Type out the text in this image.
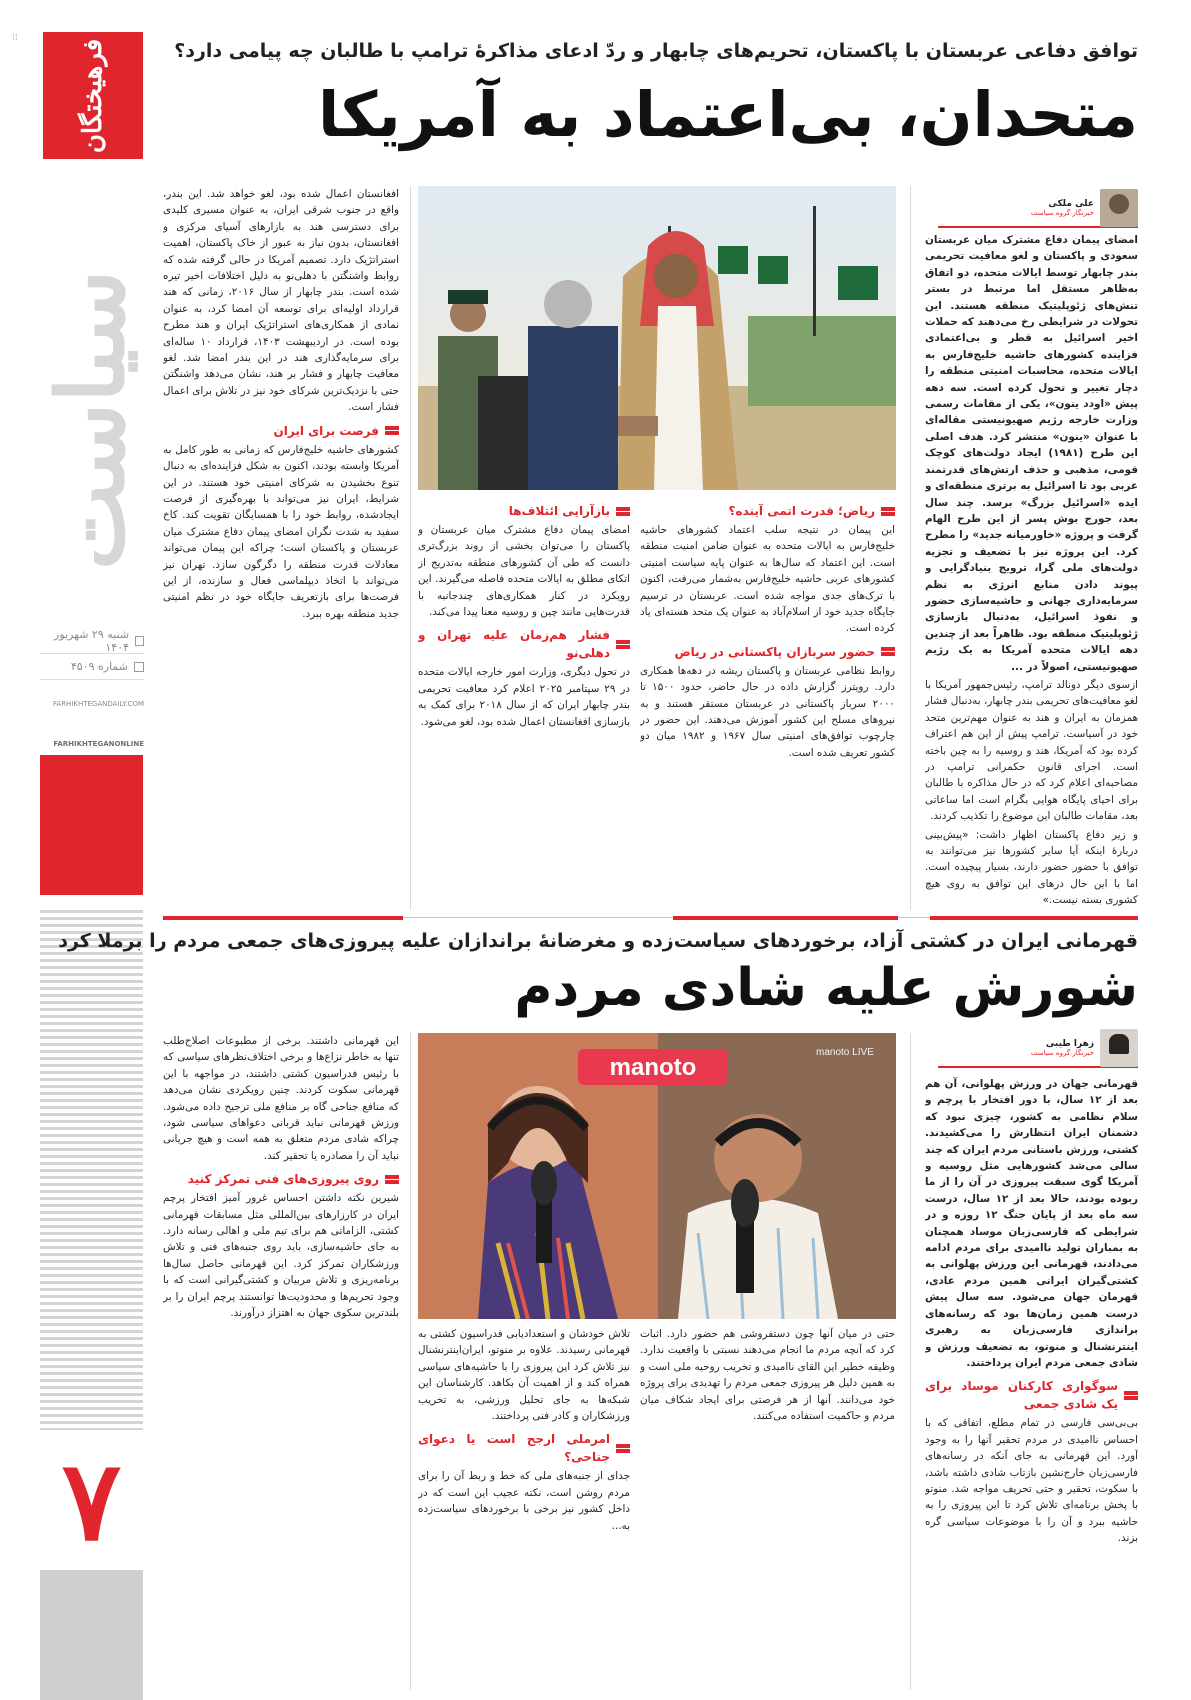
⁞⁞
فرهیختگان
سیاست
شنبه ۲۹ شهریور ۱۴۰۴
شماره ۴۵۰۹
FARHIKHTEGANDAILY.COM
FARHIKHTEGANONLINE
۷
توافق دفاعی عربستان با پاکستان، تحریم‌های چابهار و ردّ ادعای مذاکرهٔ ترامپ با طالبان چه پیامی دارد؟
متحدان، بی‌اعتماد به آمریکا
علی ملکی
خبرنگار گروه سیاست

امضای پیمان دفاع مشترک میان عربستان سعودی و پاکستان و لغو معافیت تحریمی بندر چابهار توسط ایالات متحده، دو اتفاق به‌ظاهر مستقل اما مرتبط در بستر تنش‌های ژئوپلیتیک منطقه هستند. این تحولات در شرایطی رخ می‌دهند که حملات اخیر اسرائیل به قطر و بی‌اعتمادی فزاینده کشورهای حاشیه خلیج‌فارس به ایالات متحده، محاسبات امنیتی منطقه را دچار تغییر و تحول کرده است. سه دهه پیش «اودد ینون»، یکی از مقامات رسمی وزارت خارجه رژیم صهیونیستی مقاله‌ای با عنوان «ینون» منتشر کرد. هدف اصلی این طرح (۱۹۸۱) ایجاد دولت‌های کوچک قومی، مذهبی و حذف ارتش‌های قدرتمند عربی بود تا اسرائیل به برتری منطقه‌ای و ایده «اسرائیل بزرگ» برسد. چند سال بعد، جورج بوش پسر از این طرح الهام گرفت و پروژه «خاورمیانه جدید» را مطرح کرد. این پروژه نیز با تضعیف و تجزیه دولت‌های ملی گرا، ترویج بنیادگرایی و پیوند دادن منابع انرژی به نظم سرمایه‌داری جهانی و حاشیه‌سازی حضور و نفوذ اسرائیل، به‌دنبال بازسازی ژئوپلیتیک منطقه بود. ظاهراً بعد از چندین دهه ایالات متحده آمریکا به یک رژیم صهیونیستی، اصولاً در ...

ازسوی دیگر دونالد ترامپ، رئیس‌جمهور آمریکا با لغو معافیت‌های تحریمی بندر چابهار، به‌دنبال فشار همزمان به ایران و هند به عنوان مهم‌ترین متحد خود در آسیاست. ترامپ پیش از این هم اعتراف کرده بود که آمریکا، هند و روسیه را به چین باخته است. اجرای قانون حکمرانی ترامپ در مصاحبه‌ای اعلام کرد که در حال مذاکره با طالبان برای احیای پایگاه هوایی بگرام است اما ساعاتی بعد، مقامات طالبان این موضوع را تکذیب کردند.

و زیر دفاع پاکستان اظهار داشت: «پیش‌بینی دربارهٔ اینکه آیا سایر کشورها نیز می‌توانند به توافق با حضور حضور دارند، بسیار پیچیده است. اما با این حال درهای این توافق به روی هیچ کشوری بسته نیست.»

ریاض؛ قدرت اتمی آینده؟

این پیمان در نتیجه سلب اعتماد کشورهای حاشیه خلیج‌فارس به ایالات متحده به عنوان ضامن امنیت منطقه است. این اعتماد که سال‌ها به عنوان پایه سیاست امنیتی کشورهای عربی حاشیه خلیج‌فارس به‌شمار می‌رفت، اکنون با ترک‌های جدی مواجه شده است. عربستان در ترسیم جایگاه جدید خود از اسلام‌آباد به عنوان یک متحد هسته‌ای یاد کرده است.

حضور سربازان پاکستانی در ریاض

روابط نظامی عربستان و پاکستان ریشه در دهه‌ها همکاری دارد. رویترز گزارش داده در حال حاضر، حدود ۱۵۰۰ تا ۲۰۰۰ سرباز پاکستانی در عربستان مستقر هستند و به نیروهای مسلح این کشور آموزش می‌دهند. این حضور در چارچوب توافق‌های امنیتی سال ۱۹۶۷ و ۱۹۸۲ میان دو کشور تعریف شده است.

بازآرایی ائتلاف‌ها

امضای پیمان دفاع مشترک میان عربستان و پاکستان را می‌توان بخشی از روند بزرگ‌تری دانست که طی آن کشورهای منطقه به‌تدریج از اتکای مطلق به ایالات متحده فاصله می‌گیرند. این رویکرد در کنار همکاری‌های چندجانبه با قدرت‌هایی مانند چین و روسیه معنا پیدا می‌کند.

فشار هم‌زمان علیه تهران و دهلی‌نو

در تحول دیگری، وزارت امور خارجه ایالات متحده در ۲۹ سپتامبر ۲۰۲۵ اعلام کرد معافیت تحریمی بندر چابهار ایران که از سال ۲۰۱۸ برای کمک به بازسازی افغانستان اعمال شده بود، لغو می‌شود.

افغانستان اعمال شده بود، لغو خواهد شد. این بندر، واقع در جنوب شرقی ایران، به عنوان مسیری کلیدی برای دسترسی هند به بازارهای آسیای مرکزی و افغانستان، بدون نیاز به عبور از خاک پاکستان، اهمیت استراتژیک دارد. تصمیم آمریکا در حالی گرفته شده که روابط واشنگتن با دهلی‌نو به دلیل اختلافات اخیر تیره شده است. بندر چابهار از سال ۲۰۱۶، زمانی که هند قرارداد اولیه‌ای برای توسعه آن امضا کرد، به عنوان نمادی از همکاری‌های استراتژیک ایران و هند مطرح بوده است. در اردیبهشت ۱۴۰۳، قرارداد ۱۰ ساله‌ای برای سرمایه‌گذاری هند در این بندر امضا شد. لغو معافیت چابهار و فشار بر هند، نشان می‌دهد واشنگتن حتی با نزدیک‌ترین شرکای خود نیز در تلاش برای اعمال فشار است.

فرصت برای ایران

کشورهای حاشیه خلیج‌فارس که زمانی به طور کامل به آمریکا وابسته بودند، اکنون به شکل فزاینده‌ای به دنبال تنوع بخشیدن به شرکای امنیتی خود هستند. در این شرایط، ایران نیز می‌تواند با بهره‌گیری از فرصت ایجادشده، روابط خود را با همسایگان تقویت کند. کاخ سفید به شدت نگران امضای پیمان دفاع مشترک میان عربستان و پاکستان است؛ چراکه این پیمان می‌تواند معادلات قدرت منطقه را دگرگون سازد. تهران نیز می‌تواند با اتخاذ دیپلماسی فعال و سازنده، از این فرصت‌ها برای بازتعریف جایگاه خود در نظم امنیتی جدید منطقه بهره ببرد.

قهرمانی ایران در کشتی آزاد، برخوردهای سیاست‌زده و مغرضانهٔ براندازان علیه پیروزی‌های جمعی مردم را برملا کرد
شورش علیه شادی مردم
زهرا طیبی
خبرنگار گروه سیاست

قهرمانی جهان در ورزش پهلوانی، آن هم بعد از ۱۲ سال، با دور افتخار با پرچم و سلام نظامی به کشور، چیزی نبود که دشمنان ایران انتظارش را می‌کشیدند. کشتی، ورزش باستانی مردم ایران که چند سالی می‌شد کشورهایی مثل روسیه و آمریکا گوی سبقت پیروزی در آن را از ما ربوده بودند، حالا بعد از ۱۲ سال، درست سه ماه بعد از پایان جنگ ۱۲ روزه و در شرایطی که فارسی‌زبان موساد همچنان به بمباران تولید ناامیدی برای مردم ادامه می‌دادند، قهرمانی این ورزش پهلوانی به کشتی‌گیران ایرانی همین مردم عادی، قهرمان جهان می‌شود. سه سال پیش درست همین زمان‌ها بود که رسانه‌های براندازی فارسی‌زبان به رهبری اینترنشنال و منوتو، به تضعیف ورزش و شادی جمعی مردم ایران پرداختند.

سوگواری کارکنان موساد برای یک شادی جمعی

بی‌بی‌سی فارسی در تمام مطلع، اتفاقی که با احساس ناامیدی در مردم تحقیر آنها را به وجود آورد. این قهرمانی به جای آنکه در رسانه‌های فارسی‌زبان خارج‌نشین بازتاب شادی داشته باشد، با سکوت، تحقیر و حتی تحریف مواجه شد. منوتو با پخش برنامه‌ای تلاش کرد تا این پیروزی را به حاشیه ببرد و آن را با موضوعات سیاسی گره بزند.

manoto
manoto LIVE

حتی در میان آنها چون دستفروشی هم حضور دارد. اثبات کرد که آنچه مردم ما انجام می‌دهند نسبتی با واقعیت ندارد. وظیفه خطیر این القای ناامیدی و تخریب روحیه ملی است و به همین دلیل هر پیروزی جمعی مردم را تهدیدی برای پروژه خود می‌دانند. آنها از هر فرصتی برای ایجاد شکاف میان مردم و حاکمیت استفاده می‌کنند.

تلاش خودشان و استعدادیابی فدراسیون کشتی به قهرمانی رسیدند. علاوه بر منوتو، ایران‌اینترنشنال نیز تلاش کرد این پیروزی را با حاشیه‌های سیاسی همراه کند و از اهمیت آن بکاهد. کارشناسان این شبکه‌ها به جای تحلیل ورزشی، به تخریب ورزشکاران و کادر فنی پرداختند.

امرملی ارجح است یا دعوای جناحی؟

جدای از جنبه‌های ملی که خط و ربط آن را برای مردم روشن است، نکته عجیب این است که در داخل کشور نیز برخی با برخوردهای سیاست‌زده به...

این قهرمانی داشتند. برخی از مطبوعات اصلاح‌طلب تنها به خاطر نزاع‌ها و برخی اختلاف‌نظرهای سیاسی که با رئیس فدراسیون کشتی داشتند، در مواجهه با این قهرمانی سکوت کردند. چنین رویکردی نشان می‌دهد که منافع جناحی گاه بر منافع ملی ترجیح داده می‌شود. ورزش قهرمانی نباید قربانی دعواهای سیاسی شود، چراکه شادی مردم متعلق به همه است و هیچ جریانی نباید آن را مصادره یا تحقیر کند.

روی پیروزی‌های فنی تمرکز کنید

شیرین نکته داشتن احساس غرور آمیز افتخار پرچم ایران در کارزارهای بین‌المللی مثل مسابقات قهرمانی کشتی، الزاماتی هم برای تیم ملی و اهالی رسانه دارد. به جای حاشیه‌سازی، باید روی جنبه‌های فنی و تلاش ورزشکاران تمرکز کرد. این قهرمانی حاصل سال‌ها برنامه‌ریزی و تلاش مربیان و کشتی‌گیرانی است که با وجود تحریم‌ها و محدودیت‌ها توانستند پرچم ایران را بر بلندترین سکوی جهان به اهتزاز درآورند.
